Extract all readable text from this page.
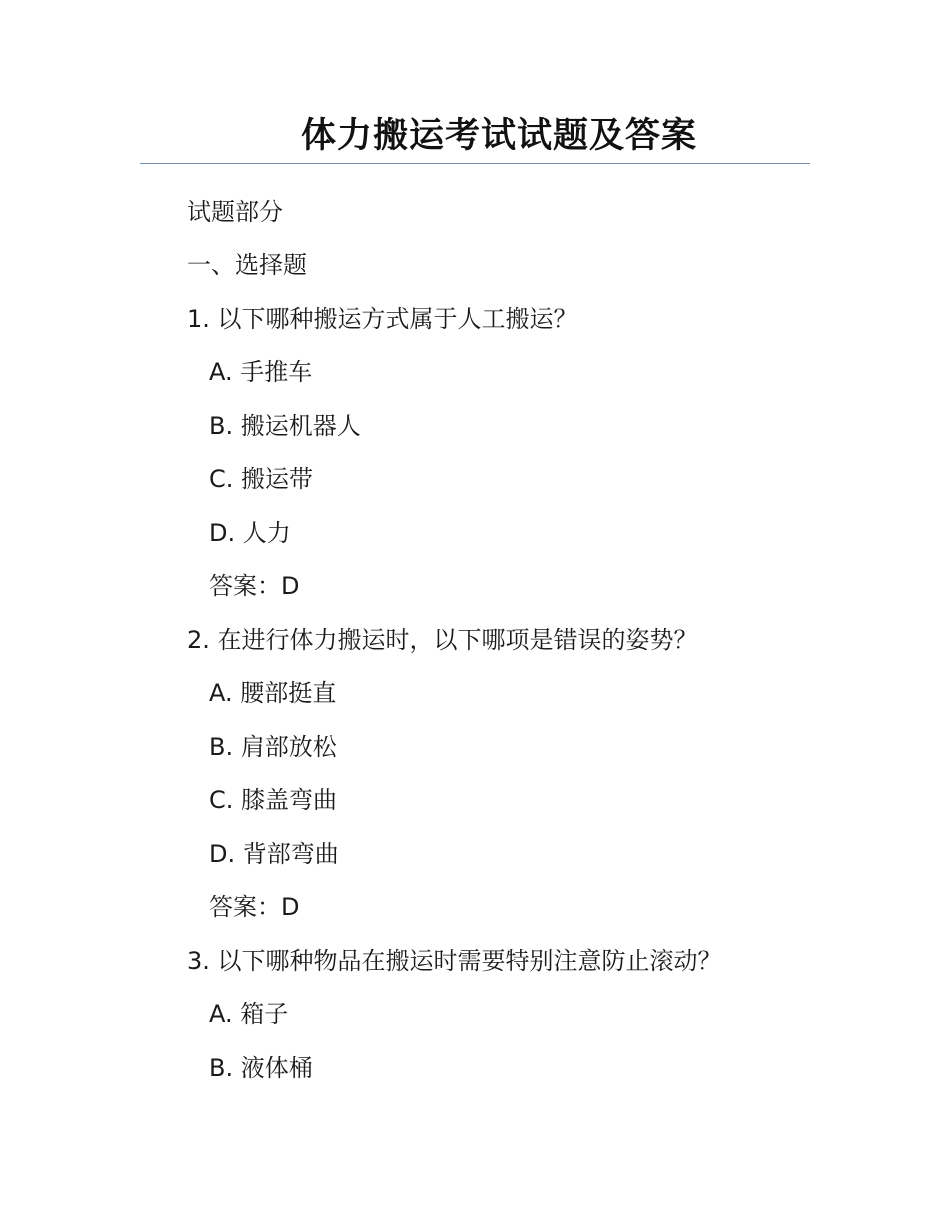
体力搬运考试试题及答案
试题部分
一、选择题
1. 以下哪种搬运方式属于人工搬运？
A. 手推车
B. 搬运机器人
C. 搬运带
D. 人力
答案：D
2. 在进行体力搬运时，以下哪项是错误的姿势？
A. 腰部挺直
B. 肩部放松
C. 膝盖弯曲
D. 背部弯曲
答案：D
3. 以下哪种物品在搬运时需要特别注意防止滚动？
A. 箱子
B. 液体桶
